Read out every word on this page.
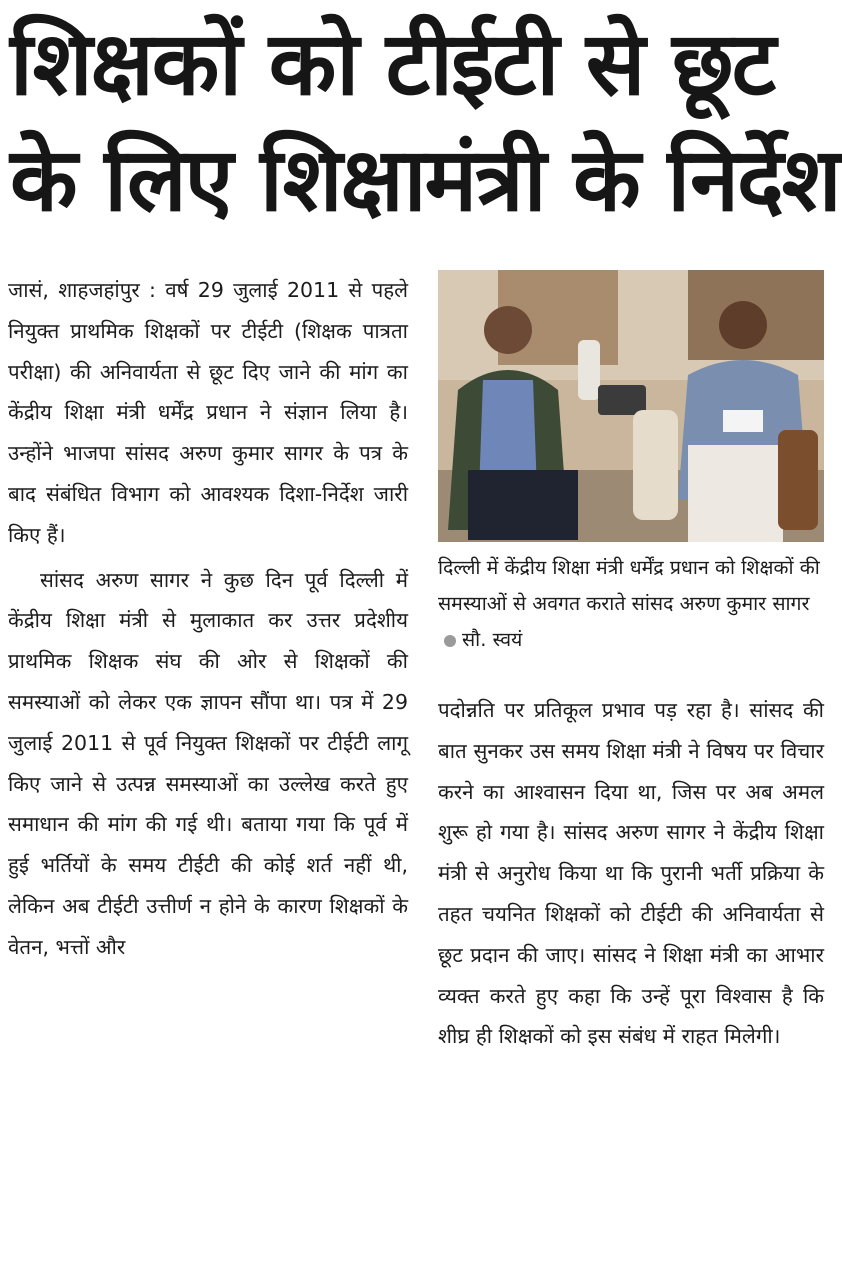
शिक्षकों को टीईटी से छूट
के लिए शिक्षामंत्री के निर्देश

जासं, शाहजहांपुर : वर्ष 29 जुलाई 2011 से पहले नियुक्त प्राथमिक शिक्षकों पर टीईटी (शिक्षक पात्रता परीक्षा) की अनिवार्यता से छूट दिए जाने की मांग का केंद्रीय शिक्षा मंत्री धर्मेंद्र प्रधान ने संज्ञान लिया है। उन्होंने भाजपा सांसद अरुण कुमार सागर के पत्र के बाद संबंधित विभाग को आवश्यक दिशा-निर्देश जारी किए हैं।

सांसद अरुण सागर ने कुछ दिन पूर्व दिल्ली में केंद्रीय शिक्षा मंत्री से मुलाकात कर उत्तर प्रदेशीय प्राथमिक शिक्षक संघ की ओर से शिक्षकों की समस्याओं को लेकर एक ज्ञापन सौंपा था। पत्र में 29 जुलाई 2011 से पूर्व नियुक्त शिक्षकों पर टीईटी लागू किए जाने से उत्पन्न समस्याओं का उल्लेख करते हुए समाधान की मांग की गई थी। बताया गया कि पूर्व में हुई भर्तियों के समय टीईटी की कोई शर्त नहीं थी, लेकिन अब टीईटी उत्तीर्ण न होने के कारण शिक्षकों के वेतन, भत्तों और

दिल्ली में केंद्रीय शिक्षा मंत्री धर्मेंद्र प्रधान को शिक्षकों की समस्याओं से अवगत कराते सांसद अरुण कुमार सागरसौ. स्वयं

पदोन्नति पर प्रतिकूल प्रभाव पड़ रहा है। सांसद की बात सुनकर उस समय शिक्षा मंत्री ने विषय पर विचार करने का आश्वासन दिया था, जिस पर अब अमल शुरू हो गया है। सांसद अरुण सागर ने केंद्रीय शिक्षा मंत्री से अनुरोध किया था कि पुरानी भर्ती प्रक्रिया के तहत चयनित शिक्षकों को टीईटी की अनिवार्यता से छूट प्रदान की जाए। सांसद ने शिक्षा मंत्री का आभार व्यक्त करते हुए कहा कि उन्हें पूरा विश्वास है कि शीघ्र ही शिक्षकों को इस संबंध में राहत मिलेगी।
